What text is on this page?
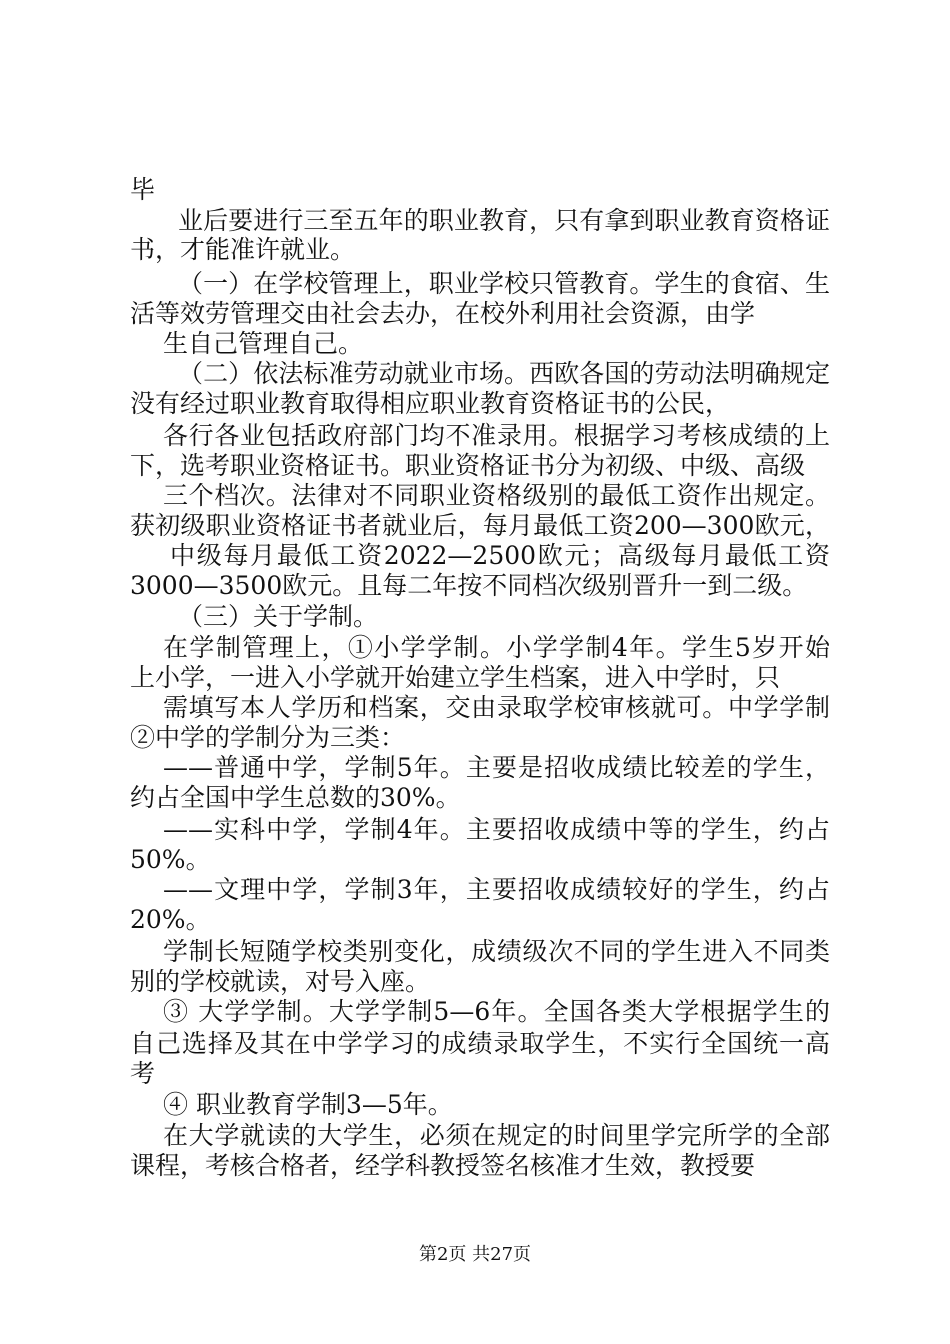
毕
业后要进行三至五年的职业教育，只有拿到职业教育资格证
书，才能准许就业。
（一）在学校管理上，职业学校只管教育。学生的食宿、生
活等效劳管理交由社会去办，在校外利用社会资源，由学
生自己管理自己。
（二）依法标准劳动就业市场。西欧各国的劳动法明确规定
没有经过职业教育取得相应职业教育资格证书的公民，
各行各业包括政府部门均不准录用。根据学习考核成绩的上
下，选考职业资格证书。职业资格证书分为初级、中级、高级
三个档次。法律对不同职业资格级别的最低工资作出规定。
获初级职业资格证书者就业后，每月最低工资200—300欧元，
中级每月最低工资2022—2500欧元；高级每月最低工资
3000—3500欧元。且每二年按不同档次级别晋升一到二级。
（三）关于学制。
在学制管理上，①小学学制。小学学制4年。学生5岁开始
上小学，一进入小学就开始建立学生档案，进入中学时，只
需填写本人学历和档案，交由录取学校审核就可。中学学制
②中学的学制分为三类：
——普通中学，学制5年。主要是招收成绩比较差的学生，
约占全国中学生总数的30%。
——实科中学，学制4年。主要招收成绩中等的学生，约占
50%。
——文理中学，学制3年，主要招收成绩较好的学生，约占
20%。
学制长短随学校类别变化，成绩级次不同的学生进入不同类
别的学校就读，对号入座。
③ 大学学制。大学学制5—6年。全国各类大学根据学生的
自己选择及其在中学学习的成绩录取学生，不实行全国统一高
考
④ 职业教育学制3—5年。
在大学就读的大学生，必须在规定的时间里学完所学的全部
课程，考核合格者，经学科教授签名核准才生效，教授要
第2页 共27页
